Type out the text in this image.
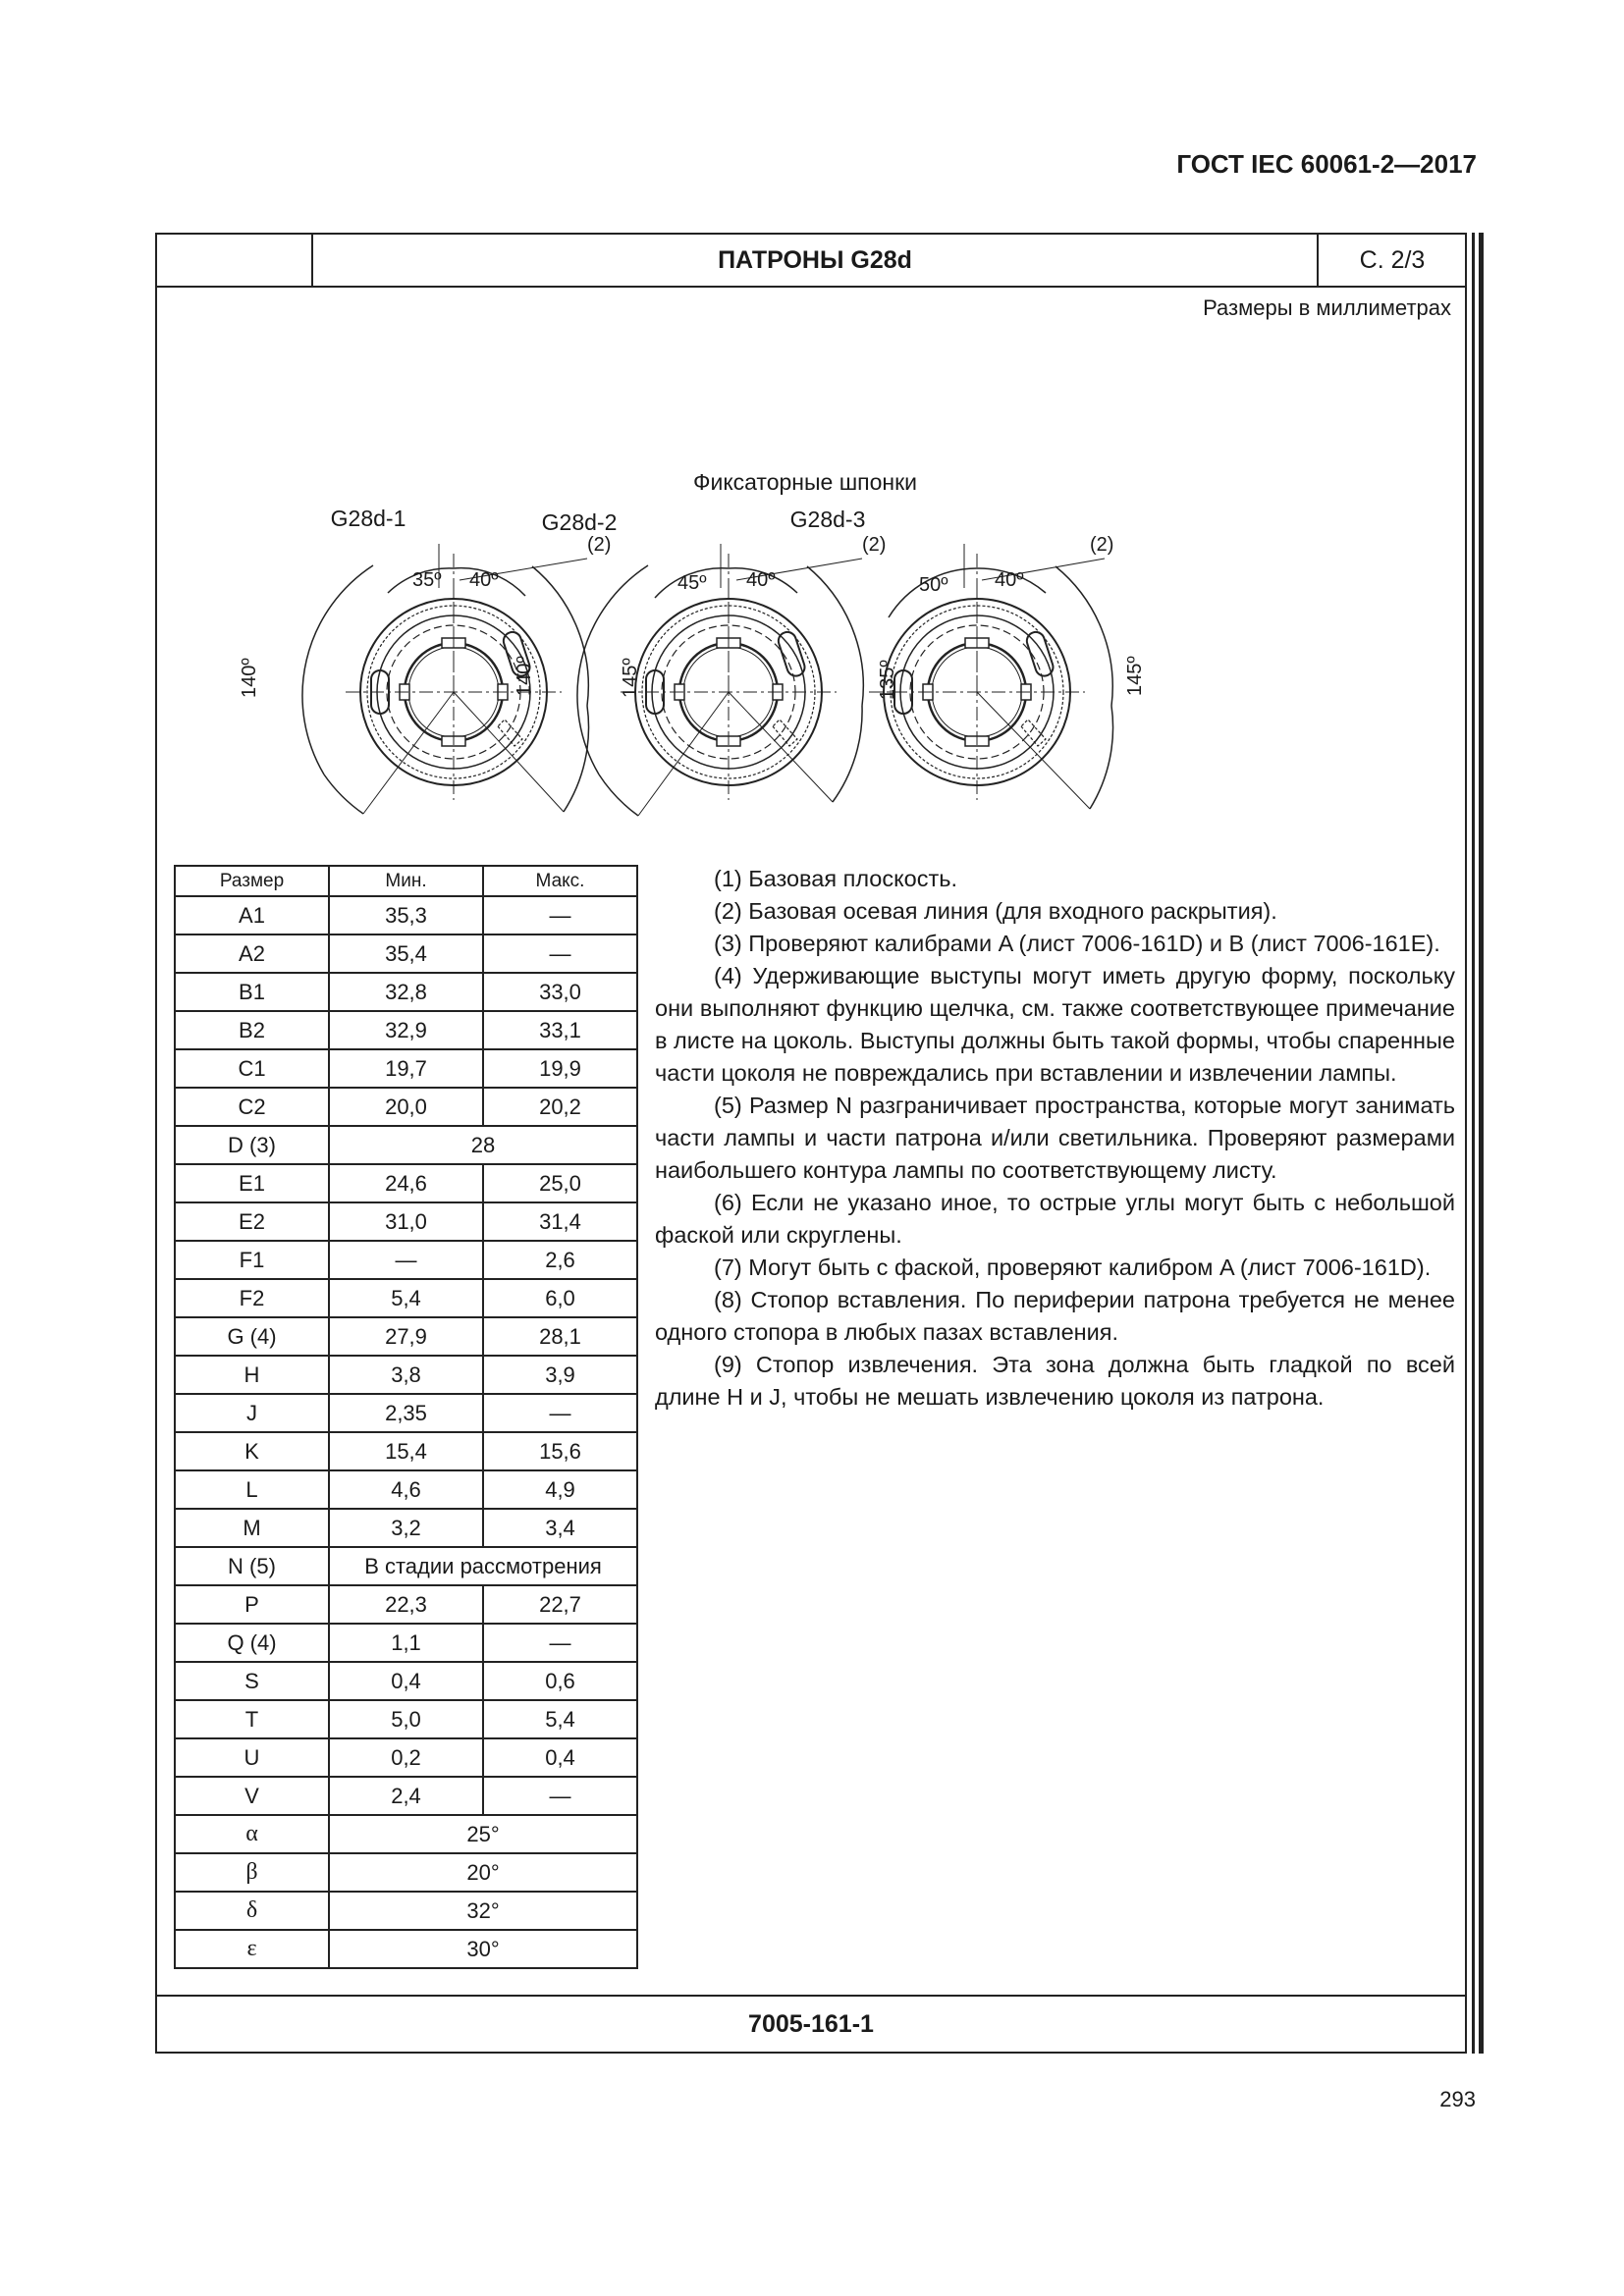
ГОСТ IEC 60061-2—2017
ПАТРОНЫ G28d	С. 2/3
Размеры в миллиметрах
Фиксаторные шпонки
G28d-1
(2)
35º 40º
140º	145º
G28d-2
(2)
45º 40º
140º	135º
G28d-3
(2)
50º 40º
145º
Размер	Мин.	Макс.
A1	35,3	—
A2	35,4	—
B1	32,8	33,0
B2	32,9	33,1
C1	19,7	19,9
C2	20,0	20,2
D (3)	28	
E1	24,6	25,0
E2	31,0	31,4
F1	—	2,6
F2	5,4	6,0
G (4)	27,9	28,1
H	3,8	3,9
J	2,35	—
K	15,4	15,6
L	4,6	4,9
M	3,2	3,4
N (5)	В стадии рассмотрения	
P	22,3	22,7
Q (4)	1,1	—
S	0,4	0,6
T	5,0	5,4
U	0,2	0,4
V	2,4	—
α	25°	
β	20°	
δ	32°	
ε	30°	

(1) Базовая плоскость.

(2) Базовая осевая линия (для входного раскрытия).

(3) Проверяют калибрами A (лист 7006-161D) и B (лист 7006-161E).

(4) Удерживающие выступы могут иметь другую форму, поскольку они выполняют функцию щелчка, см. также соответствующее примечание в листе на цоколь. Выступы должны быть такой формы, чтобы спаренные части цоколя не повреждались при вставлении и извлечении лампы.

(5) Размер N разграничивает пространства, которые могут занимать части лампы и части патрона и/или светильника. Проверяют размерами наибольшего контура лампы по соответствующему листу.

(6) Если не указано иное, то острые углы могут быть с небольшой фаской или скруглены.

(7) Могут быть с фаской, проверяют калибром A (лист 7006-161D).

(8) Стопор вставления. По периферии патрона требуется не менее одного стопора в любых пазах вставления.

(9) Стопор извлечения. Эта зона должна быть гладкой по всей длине H и J, чтобы не мешать извлечению цоколя из патрона.

7005-161-1
293
